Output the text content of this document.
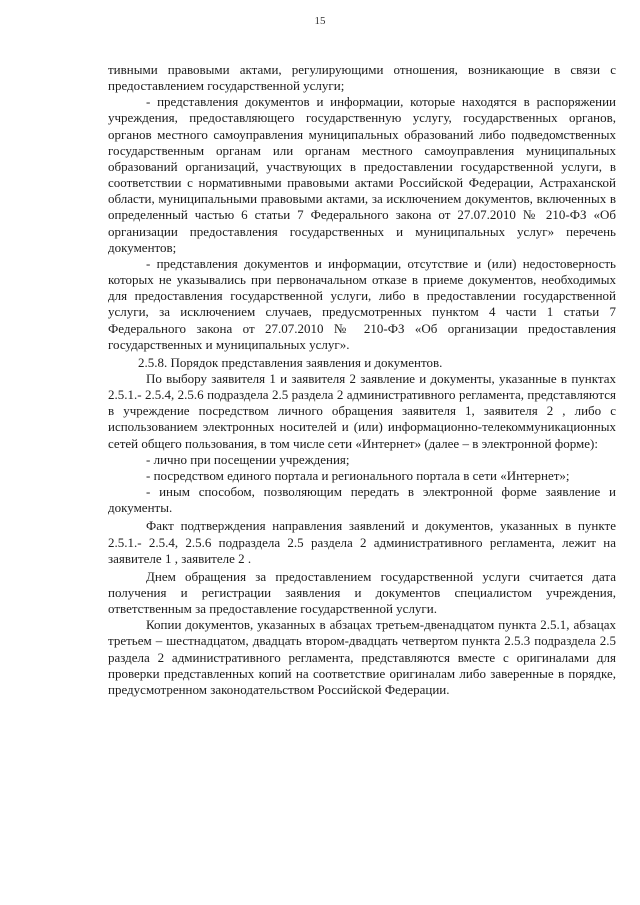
15

тивными правовыми актами, регулирующими отношения, возникающие в связи с предоставлением государственной услуги;

- представления документов и информации, которые находятся в распоряжении учреждения, предоставляющего государственную услугу, государственных органов, органов местного самоуправления муниципальных образований либо подведомственных государственным органам или органам местного самоуправления муниципальных образований организаций, участвующих в предоставлении государственной услуги, в соответствии с нормативными правовыми актами Российской Федерации, Астраханской области, муниципальными правовыми актами, за исключением документов, включенных в определенный частью 6 статьи 7 Федерального закона от 27.07.2010 № 210-ФЗ «Об организации предоставления государственных и муниципальных услуг» перечень документов;

- представления документов и информации, отсутствие и (или) недостоверность которых не указывались при первоначальном отказе в приеме документов, необходимых для предоставления государственной услуги, либо в предоставлении государственной услуги, за исключением случаев, предусмотренных пунктом 4 части 1 статьи 7 Федерального закона от 27.07.2010 № 210-ФЗ «Об организации предоставления государственных и муниципальных услуг».

2.5.8. Порядок представления заявления и документов.

По выбору заявителя 1 и заявителя 2 заявление и документы, указанные в пунктах 2.5.1.- 2.5.4, 2.5.6 подраздела 2.5 раздела 2 административного регламента, представляются в учреждение посредством личного обращения заявителя 1, заявителя 2 , либо с использованием электронных носителей и (или) информационно-телекоммуникационных сетей общего пользования, в том числе сети «Интернет» (далее – в электронной форме):

- лично при посещении учреждения;

- посредством единого портала и регионального портала в сети «Интернет»;

- иным способом, позволяющим передать в электронной форме заявление и документы.

Факт подтверждения направления заявлений и документов, указанных в пункте 2.5.1.- 2.5.4, 2.5.6 подраздела 2.5 раздела 2 административного регламента, лежит на заявителе 1 , заявителе 2 .

Днем обращения за предоставлением государственной услуги считается дата получения и регистрации заявления и документов специалистом учреждения, ответственным за предоставление государственной услуги.

Копии документов, указанных в абзацах третьем-двенадцатом пункта 2.5.1, абзацах третьем – шестнадцатом, двадцать втором-двадцать четвертом пункта 2.5.3 подраздела 2.5 раздела 2 административного регламента, представляются вместе с оригиналами для проверки представленных копий на соответствие оригиналам либо заверенные в порядке, предусмотренном законодательством Российской Федерации.
